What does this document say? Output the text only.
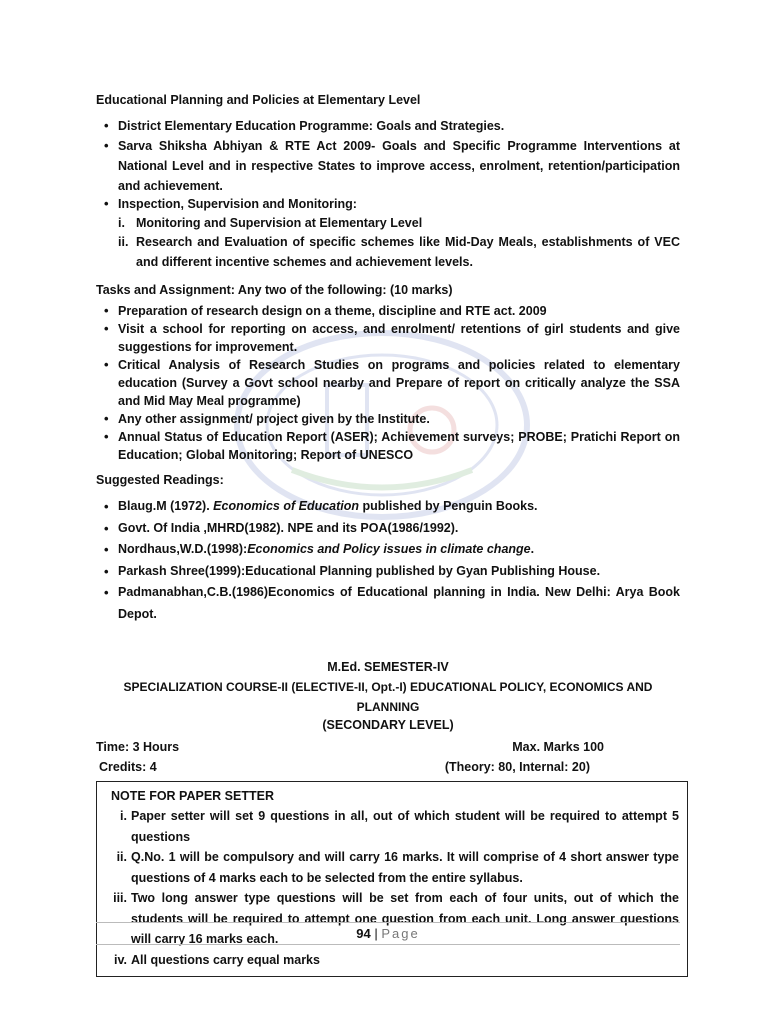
Educational Planning and Policies at Elementary Level

• District Elementary Education Programme: Goals and Strategies.
• Sarva Shiksha Abhiyan & RTE Act 2009- Goals and Specific Programme Interventions at National Level and in respective States to improve access, enrolment, retention/participation and achievement.
• Inspection, Supervision and Monitoring:
i. Monitoring and Supervision at Elementary Level
ii. Research and Evaluation of specific schemes like Mid-Day Meals, establishments of VEC and different incentive schemes and achievement levels.

Tasks and Assignment: Any two of the following: (10 marks)

• Preparation of research design on a theme, discipline and RTE act. 2009
• Visit a school for reporting on access, and enrolment/ retentions of girl students and give suggestions for improvement.
• Critical Analysis of Research Studies on programs and policies related to elementary education (Survey a Govt school nearby and Prepare of report on critically analyze the SSA and Mid May Meal programme)
• Any other assignment/ project given by the Institute.
• Annual Status of Education Report (ASER); Achievement surveys; PROBE; Pratichi Report on Education; Global Monitoring; Report of UNESCO

Suggested Readings:

• Blaug.M (1972). Economics of Education published by Penguin Books.
• Govt. Of India ,MHRD(1982). NPE and its POA(1986/1992).
• Nordhaus,W.D.(1998):Economics and Policy issues in climate change.
• Parkash Shree(1999):Educational Planning published by Gyan Publishing House.
• Padmanabhan,C.B.(1986)Economics of Educational planning in India. New Delhi: Arya Book Depot.
M.Ed. SEMESTER-IV
SPECIALIZATION COURSE-II (ELECTIVE-II, Opt.-I) EDUCATIONAL POLICY, ECONOMICS AND PLANNING
(SECONDARY LEVEL)
Time: 3 Hours	Max. Marks 100
Credits: 4	(Theory: 80, Internal: 20)
NOTE FOR PAPER SETTER
i. Paper setter will set 9 questions in all, out of which student will be required to attempt 5 questions
ii. Q.No. 1 will be compulsory and will carry 16 marks. It will comprise of 4 short answer type questions of 4 marks each to be selected from the entire syllabus.
iii. Two long answer type questions will be set from each of four units, out of which the students will be required to attempt one question from each unit. Long answer questions will carry 16 marks each.
iv. All questions carry equal marks
94 | Page
